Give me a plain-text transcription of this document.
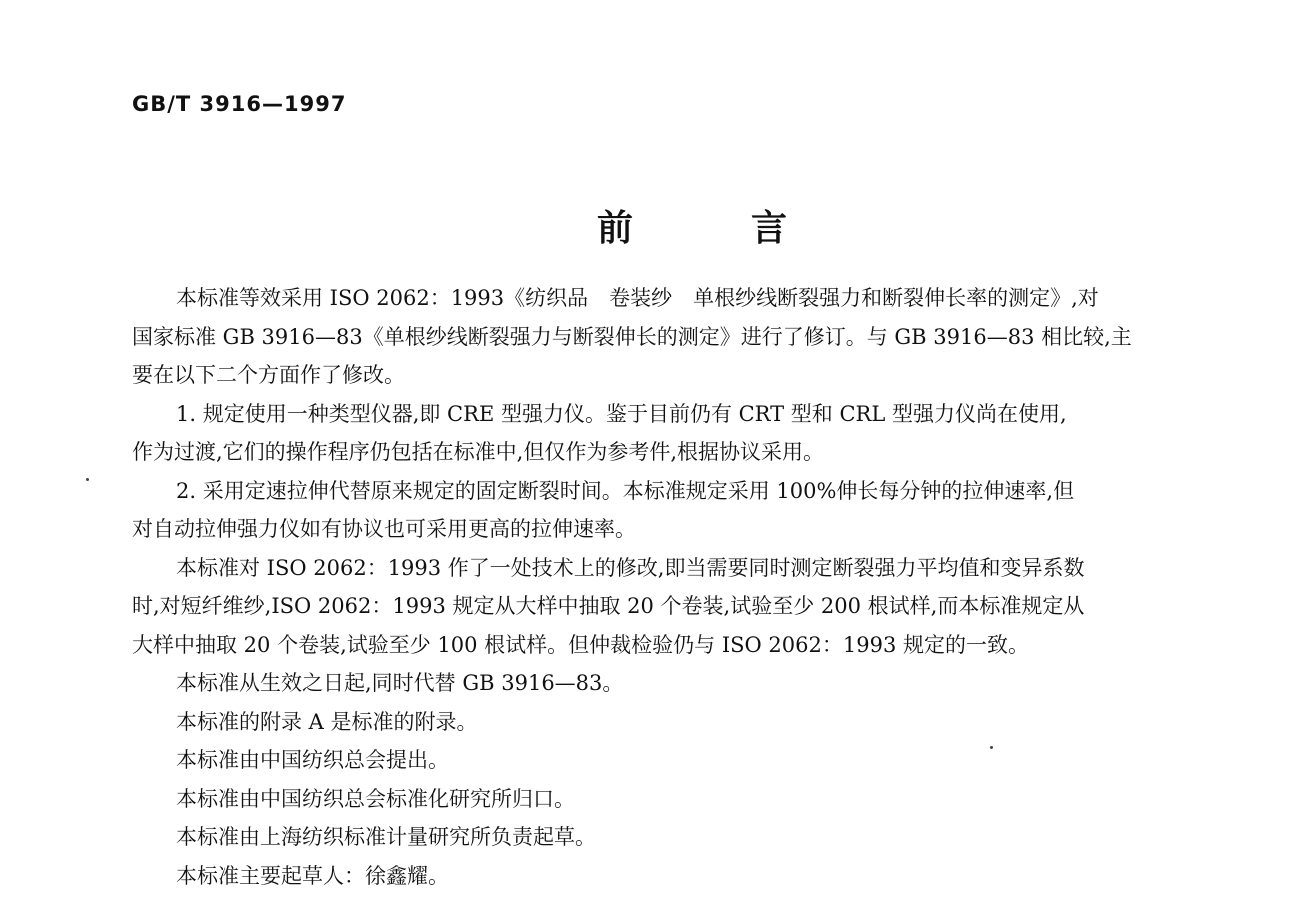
GB/T 3916—1997
前	言
本标准等效采用 ISO 2062：1993《纺织品　卷装纱　单根纱线断裂强力和断裂伸长率的测定》,对
国家标准 GB 3916—83《单根纱线断裂强力与断裂伸长的测定》进行了修订。与 GB 3916—83 相比较,主
要在以下二个方面作了修改。
1. 规定使用一种类型仪器,即 CRE 型强力仪。鉴于目前仍有 CRT 型和 CRL 型强力仪尚在使用,
作为过渡,它们的操作程序仍包括在标准中,但仅作为参考件,根据协议采用。
2. 采用定速拉伸代替原来规定的固定断裂时间。本标准规定采用 100%伸长每分钟的拉伸速率,但
对自动拉伸强力仪如有协议也可采用更高的拉伸速率。
本标准对 ISO 2062：1993 作了一处技术上的修改,即当需要同时测定断裂强力平均值和变异系数
时,对短纤维纱,ISO 2062：1993 规定从大样中抽取 20 个卷装,试验至少 200 根试样,而本标准规定从
大样中抽取 20 个卷装,试验至少 100 根试样。但仲裁检验仍与 ISO 2062：1993 规定的一致。
本标准从生效之日起,同时代替 GB 3916—83。
本标准的附录 A 是标准的附录。
本标准由中国纺织总会提出。
本标准由中国纺织总会标准化研究所归口。
本标准由上海纺织标准计量研究所负责起草。
本标准主要起草人：徐鑫耀。
